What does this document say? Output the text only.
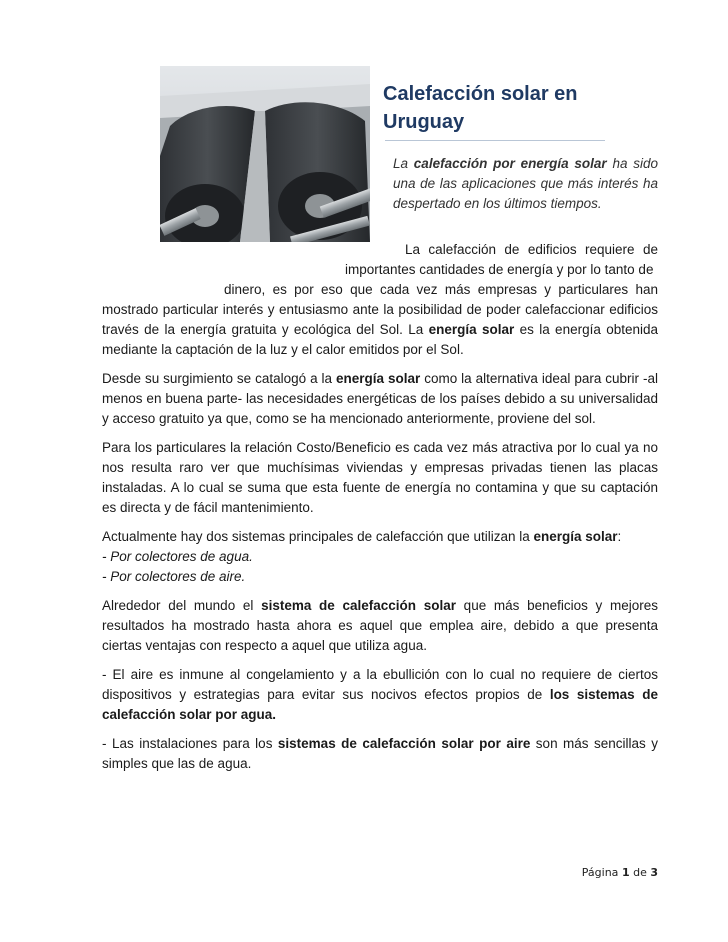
Calefacción solar en
Uruguay
La calefacción por energía solar ha sido una de las aplicaciones que más interés ha despertado en los últimos tiempos.
La calefacción de edificios requiere de importantes cantidades de energía y por lo tanto de
dinero, es por eso que cada vez más empresas y particulares han mostrado particular interés y entusiasmo ante la posibilidad de poder calefaccionar edificios través de la energía gratuita y ecológica del Sol. La energía solar es la energía obtenida mediante la captación de la luz y el calor emitidos por el Sol.
Desde su surgimiento se catalogó a la energía solar como la alternativa ideal para cubrir -al menos en buena parte- las necesidades energéticas de los países debido a su universalidad y acceso gratuito ya que, como se ha mencionado anteriormente, proviene del sol.
Para los particulares la relación Costo/Beneficio es cada vez más atractiva por lo cual ya no nos resulta raro ver que muchísimas viviendas y empresas privadas tienen las placas instaladas. A lo cual se suma que esta fuente de energía no contamina y que su captación es directa y de fácil mantenimiento.
Actualmente hay dos sistemas principales de calefacción que utilizan la energía solar:
- Por colectores de agua.
- Por colectores de aire.
Alrededor del mundo el sistema de calefacción solar que más beneficios y mejores resultados ha mostrado hasta ahora es aquel que emplea aire, debido a que presenta ciertas ventajas con respecto a aquel que utiliza agua.
- El aire es inmune al congelamiento y a la ebullición con lo cual no requiere de ciertos dispositivos y estrategias para evitar sus nocivos efectos propios de los sistemas de calefacción solar por agua.
- Las instalaciones para los sistemas de calefacción solar por aire son más sencillas y simples que las de agua.
Página 1 de 3
